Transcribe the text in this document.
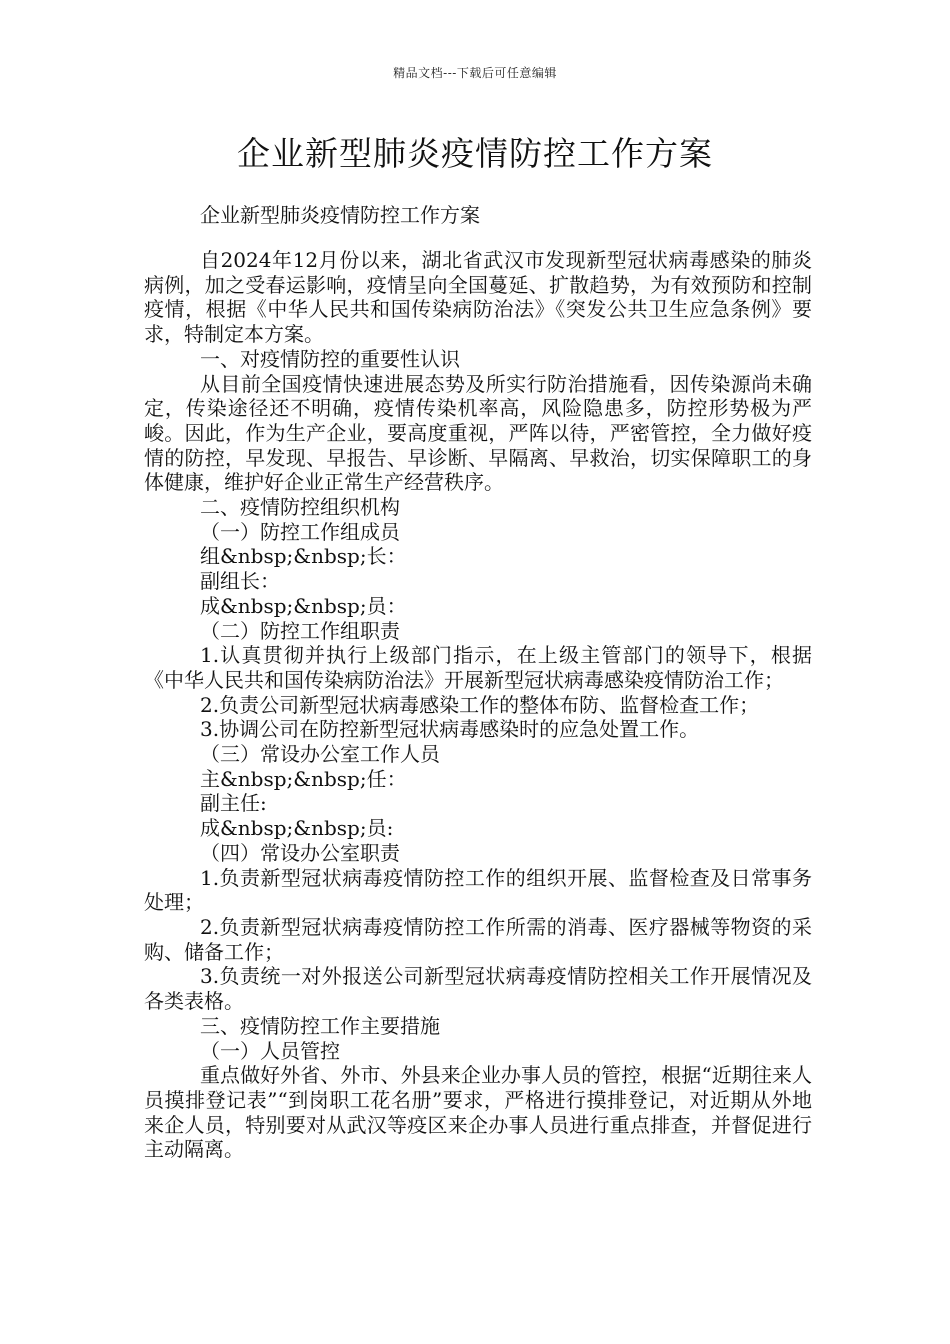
精品文档---下载后可任意编辑
企业新型肺炎疫情防控工作方案

企业新型肺炎疫情防控工作方案

自2024年12月份以来，湖北省武汉市发现新型冠状病毒感染的肺炎病例，加之受春运影响，疫情呈向全国蔓延、扩散趋势，为有效预防和控制疫情，根据《中华人民共和国传染病防治法》《突发公共卫生应急条例》要求，特制定本方案。

一、对疫情防控的重要性认识

从目前全国疫情快速进展态势及所实行防治措施看，因传染源尚未确定，传染途径还不明确，疫情传染机率高，风险隐患多，防控形势极为严峻。因此，作为生产企业，要高度重视，严阵以待，严密管控，全力做好疫情的防控，早发现、早报告、早诊断、早隔离、早救治，切实保障职工的身体健康，维护好企业正常生产经营秩序。

二、疫情防控组织机构

（一）防控工作组成员

组&nbsp;&nbsp;长：

副组长：

成&nbsp;&nbsp;员：

（二）防控工作组职责

1.认真贯彻并执行上级部门指示，在上级主管部门的领导下，根据《中华人民共和国传染病防治法》开展新型冠状病毒感染疫情防治工作；

2.负责公司新型冠状病毒感染工作的整体布防、监督检查工作；

3.协调公司在防控新型冠状病毒感染时的应急处置工作。

（三）常设办公室工作人员

主&nbsp;&nbsp;任：

副主任:

成&nbsp;&nbsp;员:

（四）常设办公室职责

1.负责新型冠状病毒疫情防控工作的组织开展、监督检查及日常事务处理；

2.负责新型冠状病毒疫情防控工作所需的消毒、医疗器械等物资的采购、储备工作；

3.负责统一对外报送公司新型冠状病毒疫情防控相关工作开展情况及各类表格。

三、疫情防控工作主要措施

（一）人员管控

重点做好外省、外市、外县来企业办事人员的管控，根据“近期往来人员摸排登记表”“到岗职工花名册”要求，严格进行摸排登记，对近期从外地来企人员，特别要对从武汉等疫区来企办事人员进行重点排查，并督促进行主动隔离。
